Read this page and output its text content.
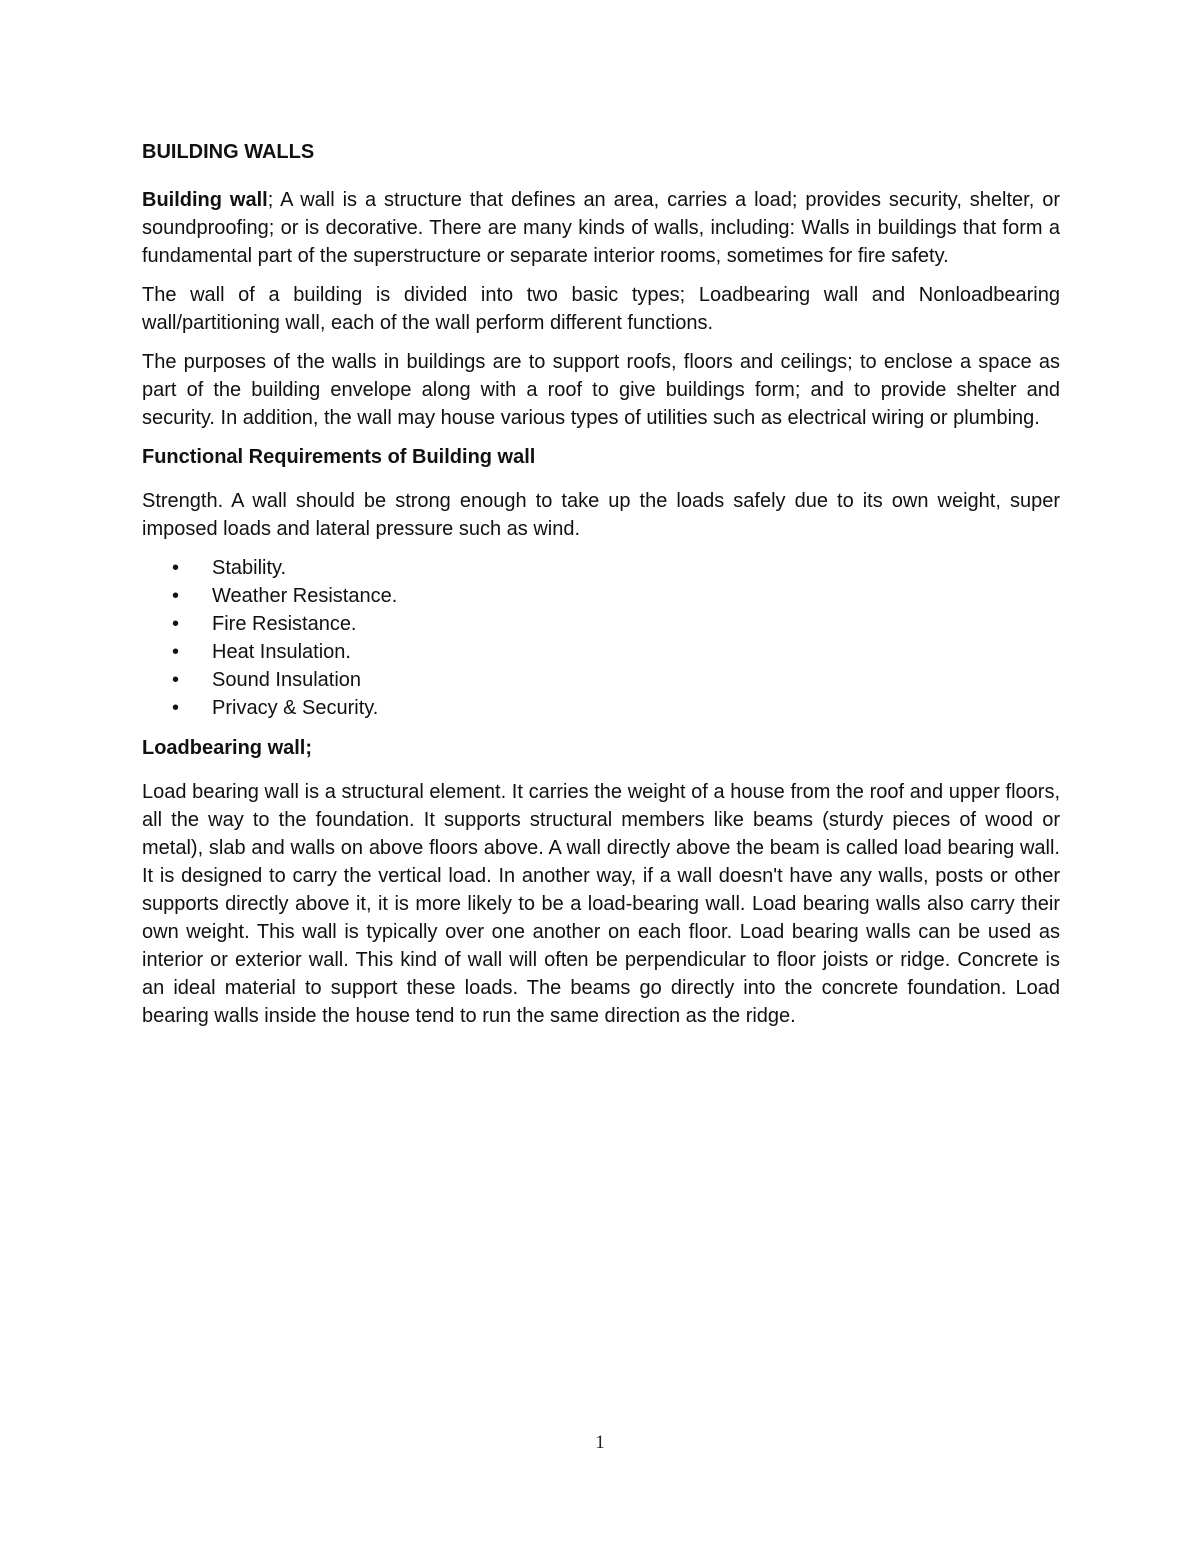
BUILDING WALLS

Building wall; A wall is a structure that defines an area, carries a load; provides security, shelter, or soundproofing; or is decorative. There are many kinds of walls, including: Walls in buildings that form a fundamental part of the superstructure or separate interior rooms, sometimes for fire safety.

The wall of a building is divided into two basic types; Loadbearing wall and Nonloadbearing wall/partitioning wall, each of the wall perform different functions.

The purposes of the walls in buildings are to support roofs, floors and ceilings; to enclose a space as part of the building envelope along with a roof to give buildings form; and to provide shelter and security. In addition, the wall may house various types of utilities such as electrical wiring or plumbing.

Functional Requirements of Building wall

Strength. A wall should be strong enough to take up the loads safely due to its own weight, super imposed loads and lateral pressure such as wind.

• Stability.
• Weather Resistance.
• Fire Resistance.
• Heat Insulation.
• Sound Insulation
• Privacy & Security.
Loadbearing wall;

Load bearing wall is a structural element. It carries the weight of a house from the roof and upper floors, all the way to the foundation. It supports structural members like beams (sturdy pieces of wood or metal), slab and walls on above floors above. A wall directly above the beam is called load bearing wall. It is designed to carry the vertical load. In another way, if a wall doesn't have any walls, posts or other supports directly above it, it is more likely to be a load-bearing wall. Load bearing walls also carry their own weight. This wall is typically over one another on each floor. Load bearing walls can be used as interior or exterior wall. This kind of wall will often be perpendicular to floor joists or ridge. Concrete is an ideal material to support these loads. The beams go directly into the concrete foundation. Load bearing walls inside the house tend to run the same direction as the ridge.

1
